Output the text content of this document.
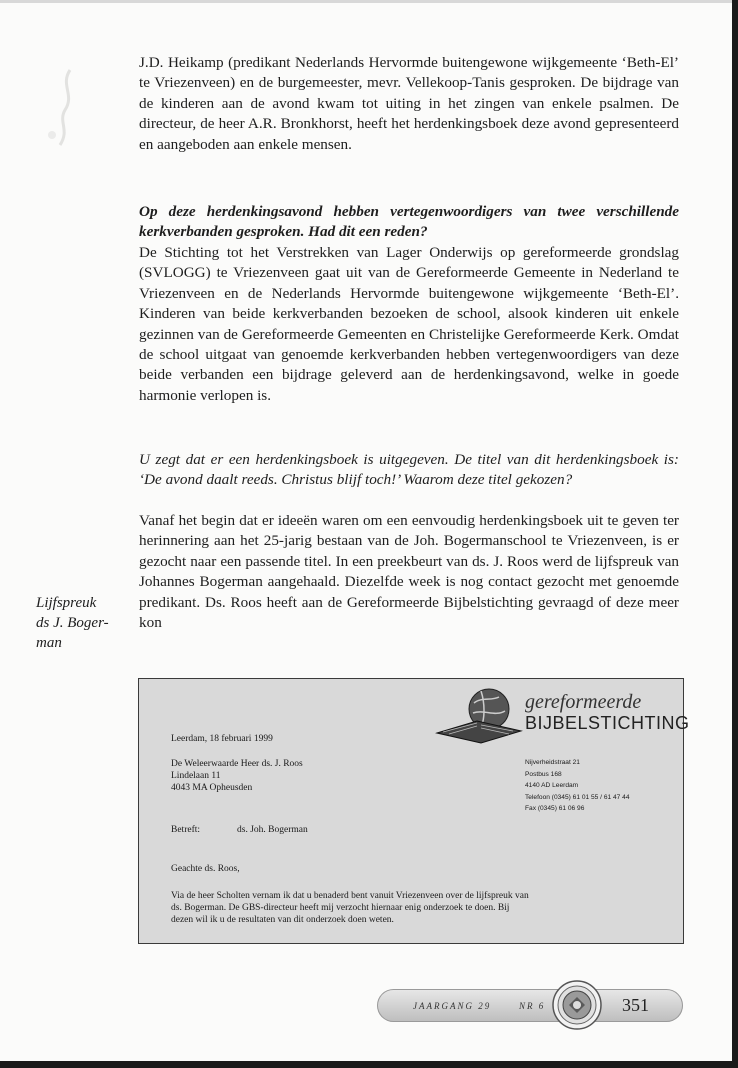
J.D. Heikamp (predikant Nederlands Hervormde buitengewone wijkgemeente ‘Beth-El’ te Vriezenveen) en de burgemeester, mevr. Vellekoop-Tanis gesproken. De bijdrage van de kinderen aan de avond kwam tot uiting in het zingen van enkele psalmen. De directeur, de heer A.R. Bronkhorst, heeft het herdenkingsboek deze avond gepresenteerd en aangeboden aan enkele mensen.

Op deze herdenkingsavond hebben vertegenwoordigers van twee verschillende kerkverbanden gesproken. Had dit een reden?

De Stichting tot het Verstrekken van Lager Onderwijs op gereformeerde grondslag (SVLOGG) te Vriezenveen gaat uit van de Gereformeerde Gemeente in Nederland te Vriezenveen en de Nederlands Hervormde buitengewone wijkgemeente ‘Beth-El’. Kinderen van beide kerkverbanden bezoeken de school, alsook kinderen uit enkele gezinnen van de Gereformeerde Gemeenten en Christelijke Gereformeerde Kerk. Omdat de school uitgaat van genoemde kerkverbanden hebben vertegenwoordigers van deze beide verbanden een bijdrage geleverd aan de herdenkingsavond, welke in goede harmonie verlopen is.

U zegt dat er een herdenkingsboek is uitgegeven. De titel van dit herdenkingsboek is: ‘De avond daalt reeds. Christus blijf toch!’ Waarom deze titel gekozen?

Vanaf het begin dat er ideeën waren om een eenvoudig herdenkingsboek uit te geven ter herinnering aan het 25-jarig bestaan van de Joh. Bogermanschool te Vriezenveen, is er gezocht naar een passende titel. In een preekbeurt van ds. J. Roos werd de lijfspreuk van Johannes Bogerman aangehaald. Diezelfde week is nog contact gezocht met genoemde predikant. Ds. Roos heeft aan de Gereformeerde Bijbelstichting gevraagd of deze meer kon

Lijfspreuk
ds J. Boger-
man
gereformeerde
BIJBELSTICHTING
Leerdam, 18 februari 1999
De Weleerwaarde Heer ds. J. Roos
Lindelaan 11
4043 MA Opheusden
Nijverheidstraat 21
Postbus 168
4140 AD Leerdam
Telefoon (0345) 61 01 55 / 61 47 44
Fax (0345) 61 06 96
Betreft:	ds. Joh. Bogerman
Geachte ds. Roos,
Via de heer Scholten vernam ik dat u benaderd bent vanuit Vriezenveen over de lijfspreuk van
ds. Bogerman. De GBS-directeur heeft mij verzocht hiernaar enig onderzoek te doen. Bij
dezen wil ik u de resultaten van dit onderzoek doen weten.
JAARGANG 29	NR 6	351
